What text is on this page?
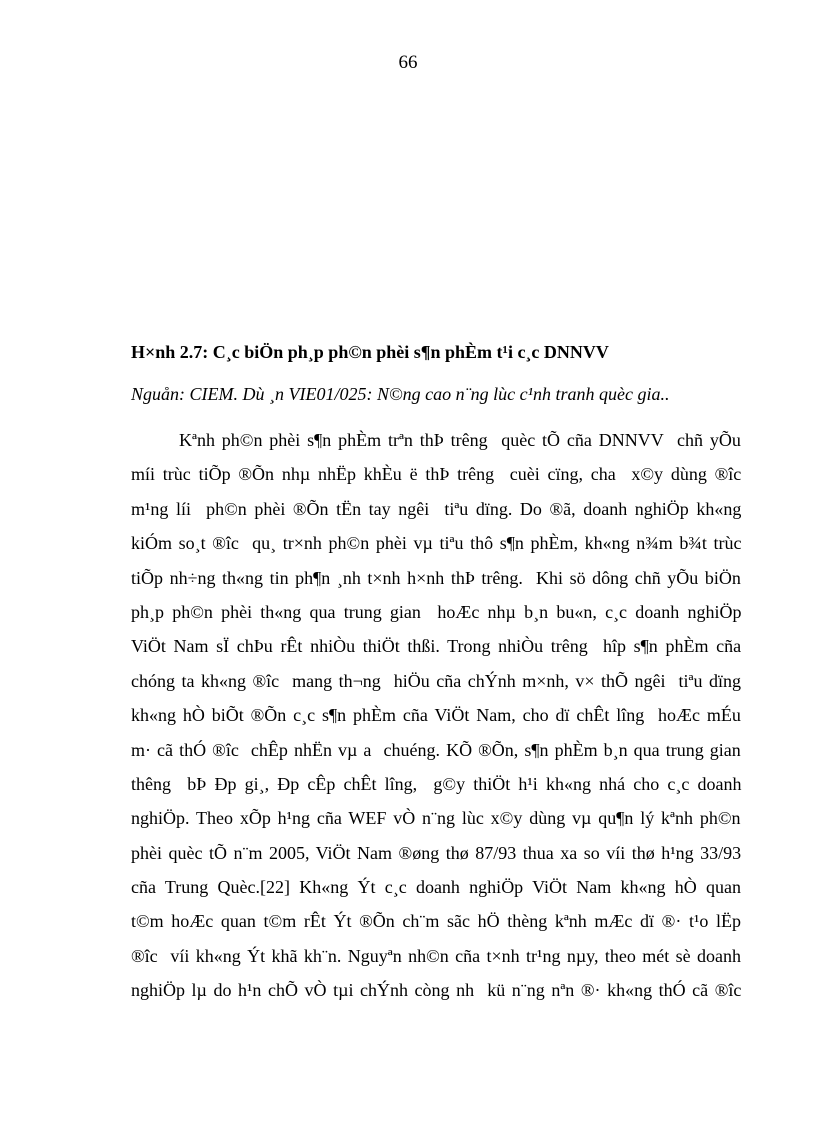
66
H×nh 2.7: C¸c biÖn ph¸p ph©n phèi s¶n phÈm t¹i c¸c DNNVV
Nguån: CIEM. Dù ¸n VIE01/025: N©ng cao n¨ng lùc c¹nh tranh quèc gia..
Kªnh ph©n phèi s¶n phÈm trªn thÞ trêng  quèc tÕ cña DNNVV  chñ yÕu
míi trùc tiÕp ®Õn nhµ nhËp khÈu ë thÞ trêng  cuèi cïng, cha  x©y dùng ®îc
m¹ng líi  ph©n phèi ®Õn tËn tay ngêi  tiªu dïng. Do ®ã, doanh nghiÖp kh«ng
kiÓm so¸t ®îc  qu¸ tr×nh ph©n phèi vµ tiªu thô s¶n phÈm, kh«ng n¾m b¾t trùc
tiÕp nh÷ng th«ng tin ph¶n ¸nh t×nh h×nh thÞ trêng.  Khi sö dông chñ yÕu biÖn
ph¸p ph©n phèi th«ng qua trung gian  hoÆc nhµ b¸n bu«n, c¸c doanh nghiÖp
ViÖt Nam sÏ chÞu rÊt nhiÒu thiÖt thßi. Trong nhiÒu trêng  hîp s¶n phÈm cña
chóng ta kh«ng ®îc  mang th¬ng  hiÖu cña chÝnh m×nh, v× thÕ ngêi  tiªu dïng
kh«ng hÒ biÕt ®Õn c¸c s¶n phÈm cña ViÖt Nam, cho dï chÊt lîng  hoÆc mÉu
m· cã thÓ ®îc  chÊp nhËn vµ a  chuéng. KÕ ®Õn, s¶n phÈm b¸n qua trung gian
thêng  bÞ Ðp gi¸, Ðp cÊp chÊt lîng,  g©y thiÖt h¹i kh«ng nhá cho c¸c doanh
nghiÖp. Theo xÕp h¹ng cña WEF vÒ n¨ng lùc x©y dùng vµ qu¶n lý kªnh ph©n
phèi quèc tÕ n¨m 2005, ViÖt Nam ®øng thø 87/93 thua xa so víi thø h¹ng 33/93
cña Trung Quèc.[22] Kh«ng Ýt c¸c doanh nghiÖp ViÖt Nam kh«ng hÒ quan
t©m hoÆc quan t©m rÊt Ýt ®Õn ch¨m sãc hÖ thèng kªnh mÆc dï ®· t¹o lËp
®îc  víi kh«ng Ýt khã kh¨n. Nguyªn nh©n cña t×nh tr¹ng nµy, theo mét sè doanh
nghiÖp lµ do h¹n chÕ vÒ tµi chÝnh còng nh  kü n¨ng nªn ®· kh«ng thÓ cã ®îc
